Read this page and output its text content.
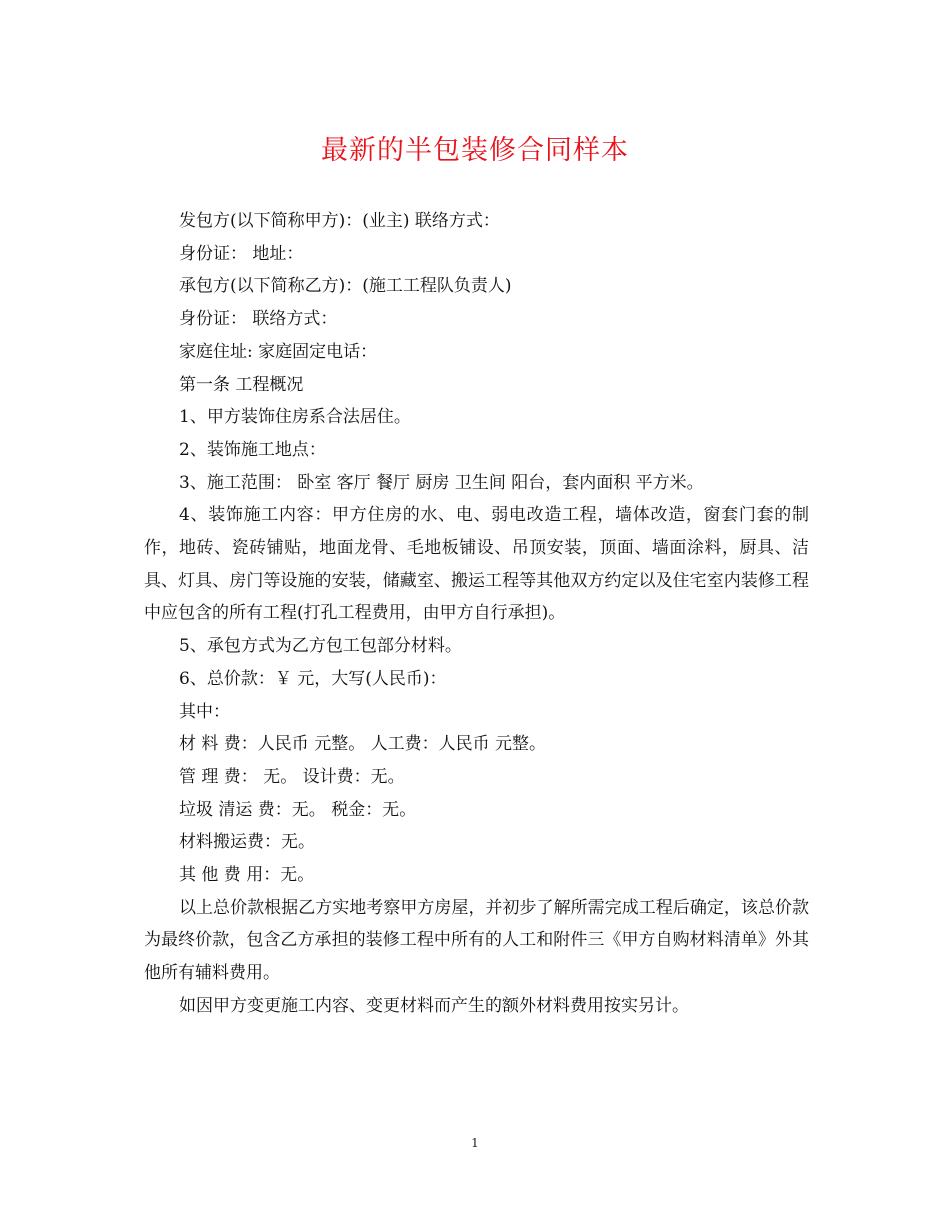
最新的半包装修合同样本

发包方(以下简称甲方)：(业主) 联络方式：

身份证： 地址：

承包方(以下简称乙方)：(施工工程队负责人)

身份证： 联络方式：

家庭住址: 家庭固定电话：

第一条 工程概况

1、甲方装饰住房系合法居住。

2、装饰施工地点：

3、施工范围： 卧室 客厅 餐厅 厨房 卫生间 阳台，套内面积 平方米。

4、装饰施工内容：甲方住房的水、电、弱电改造工程，墙体改造，窗套门套的制作，地砖、瓷砖铺贴，地面龙骨、毛地板铺设、吊顶安装，顶面、墙面涂料，厨具、洁具、灯具、房门等设施的安装，储藏室、搬运工程等其他双方约定以及住宅室内装修工程中应包含的所有工程(打孔工程费用，由甲方自行承担)。

5、承包方式为乙方包工包部分材料。

6、总价款：￥ 元，大写(人民币)：

其中：

材 料 费：人民币 元整。 人工费：人民币 元整。

管 理 费： 无。 设计费：无。

垃圾 清运 费：无。 税金：无。

材料搬运费：无。

其 他 费 用：无。

以上总价款根据乙方实地考察甲方房屋，并初步了解所需完成工程后确定，该总价款为最终价款，包含乙方承担的装修工程中所有的人工和附件三《甲方自购材料清单》外其他所有辅料费用。

如因甲方变更施工内容、变更材料而产生的额外材料费用按实另计。

1
